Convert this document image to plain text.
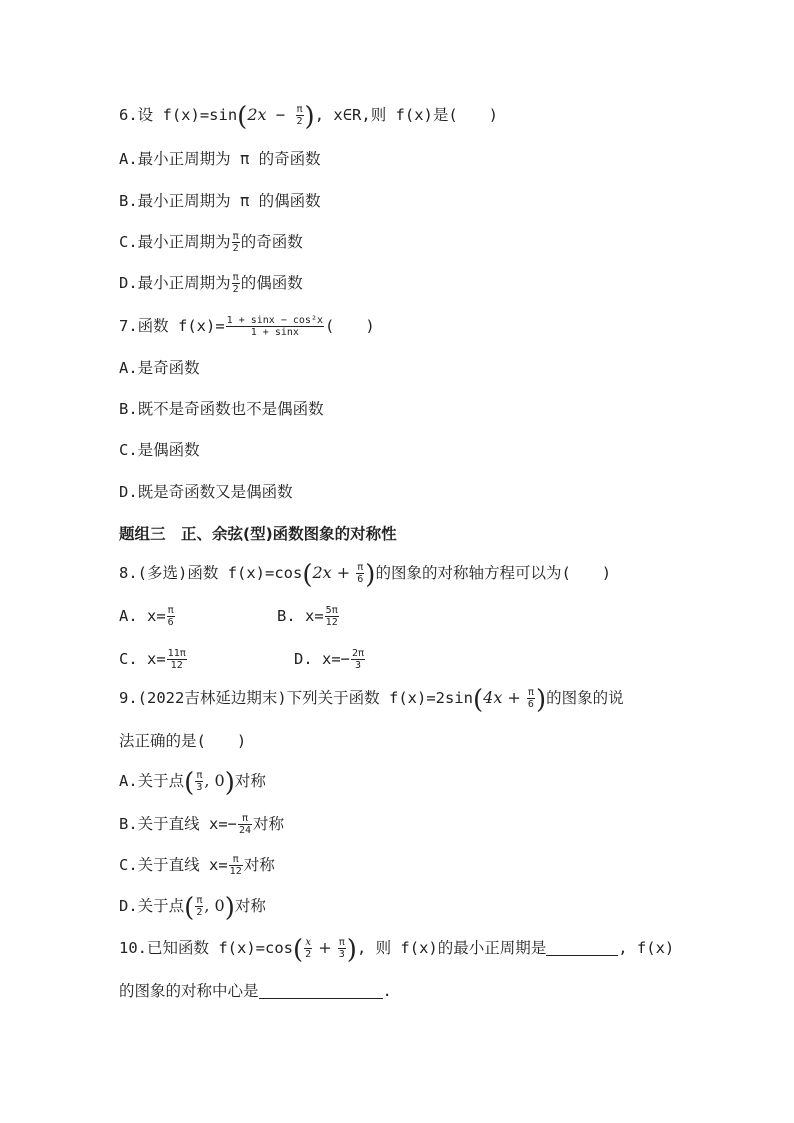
6.设 $f(x)=\sin(2x - \frac{\pi}{2}$ ), x∈R,则 f(x)是(　　)
A.最小正周期为 π 的奇函数
B.最小正周期为 π 的偶函数
C.最小正周期为 $\frac{\pi}{2}$ 的奇函数
D.最小正周期为 $\frac{\pi}{2}$ 的偶函数
7.函数 $f(x)= \frac{\text{1 + sinx − cos²x}}{1 + \sin x}$ (　　)
A.是奇函数
B.既不是奇函数也不是偶函数
C.是偶函数
D.既是奇函数又是偶函数
题组三　正、余弦(型)函数图象的对称性
8.(多选)函数 $f(x)=\cos(2x + \frac{\pi}{6}$ )的图象的对称轴方程可以为(　　)
A. $x= \frac{\pi}{6}$	B. $x= \frac{5\pi}{12}$
C. $x= \frac{11\pi}{12}$	D. $x=- \frac{2\pi}{3}$
9.(2022吉林延边期末)下列关于函数 $f(x)=2\sin(4x + \frac{\pi}{6}$ )的图象的说
法正确的是(　　)
A.关于点( $\frac{\pi}{3}$ , 0)对称
B.关于直线 $x=- \frac{\pi}{24}$ 对称
C.关于直线 $x= \frac{\pi}{12}$ 对称
D.关于点( $\frac{\pi}{2}$ , 0)对称
10.已知函数 $f(x)=\cos( \frac{x}{2} + \frac{\pi}{3}$ ), 则 f(x)的最小正周期是	, f(x)
的图象的对称中心是	.
